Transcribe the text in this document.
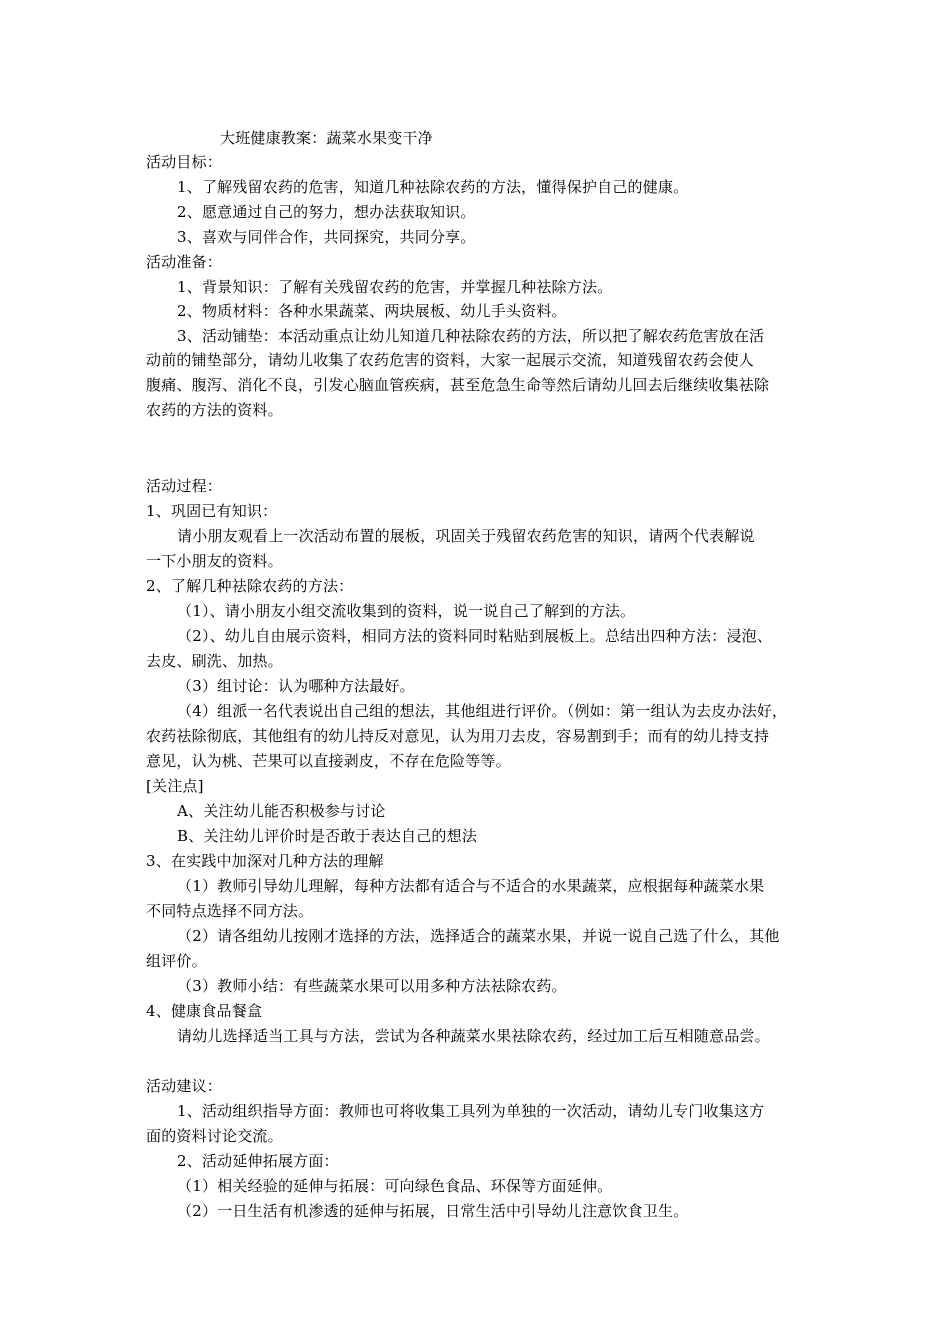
大班健康教案：蔬菜水果变干净
活动目标：
1、了解残留农药的危害，知道几种祛除农药的方法，懂得保护自己的健康。
2、愿意通过自己的努力，想办法获取知识。
3、喜欢与同伴合作，共同探究，共同分享。
活动准备：
1、背景知识：了解有关残留农药的危害，并掌握几种祛除方法。
2、物质材料：各种水果蔬菜、两块展板、幼儿手头资料。
3、活动铺垫：本活动重点让幼儿知道几种祛除农药的方法，所以把了解农药危害放在活
动前的铺垫部分，请幼儿收集了农药危害的资料，大家一起展示交流，知道残留农药会使人
腹痛、腹泻、消化不良，引发心脑血管疾病，甚至危急生命等然后请幼儿回去后继续收集祛除
农药的方法的资料。
活动过程：
1、巩固已有知识：
请小朋友观看上一次活动布置的展板，巩固关于残留农药危害的知识，请两个代表解说
一下小朋友的资料。
2、了解几种祛除农药的方法：
（1）、请小朋友小组交流收集到的资料，说一说自己了解到的方法。
（2）、幼儿自由展示资料，相同方法的资料同时粘贴到展板上。总结出四种方法：浸泡、
去皮、刷洗、加热。
（3）组讨论：认为哪种方法最好。
（4）组派一名代表说出自己组的想法，其他组进行评价。（例如：第一组认为去皮办法好，
农药祛除彻底，其他组有的幼儿持反对意见，认为用刀去皮，容易割到手；而有的幼儿持支持
意见，认为桃、芒果可以直接剥皮，不存在危险等等。
[关注点]
A、关注幼儿能否积极参与讨论
B、关注幼儿评价时是否敢于表达自己的想法
3、在实践中加深对几种方法的理解
（1）教师引导幼儿理解，每种方法都有适合与不适合的水果蔬菜，应根据每种蔬菜水果
不同特点选择不同方法。
（2）请各组幼儿按刚才选择的方法，选择适合的蔬菜水果，并说一说自己选了什么，其他
组评价。
（3）教师小结：有些蔬菜水果可以用多种方法祛除农药。
4、健康食品餐盒
请幼儿选择适当工具与方法，尝试为各种蔬菜水果祛除农药，经过加工后互相随意品尝。
活动建议：
1、活动组织指导方面：教师也可将收集工具列为单独的一次活动，请幼儿专门收集这方
面的资料讨论交流。
2、活动延伸拓展方面：
（1）相关经验的延伸与拓展：可向绿色食品、环保等方面延伸。
（2）一日生活有机渗透的延伸与拓展，日常生活中引导幼儿注意饮食卫生。
